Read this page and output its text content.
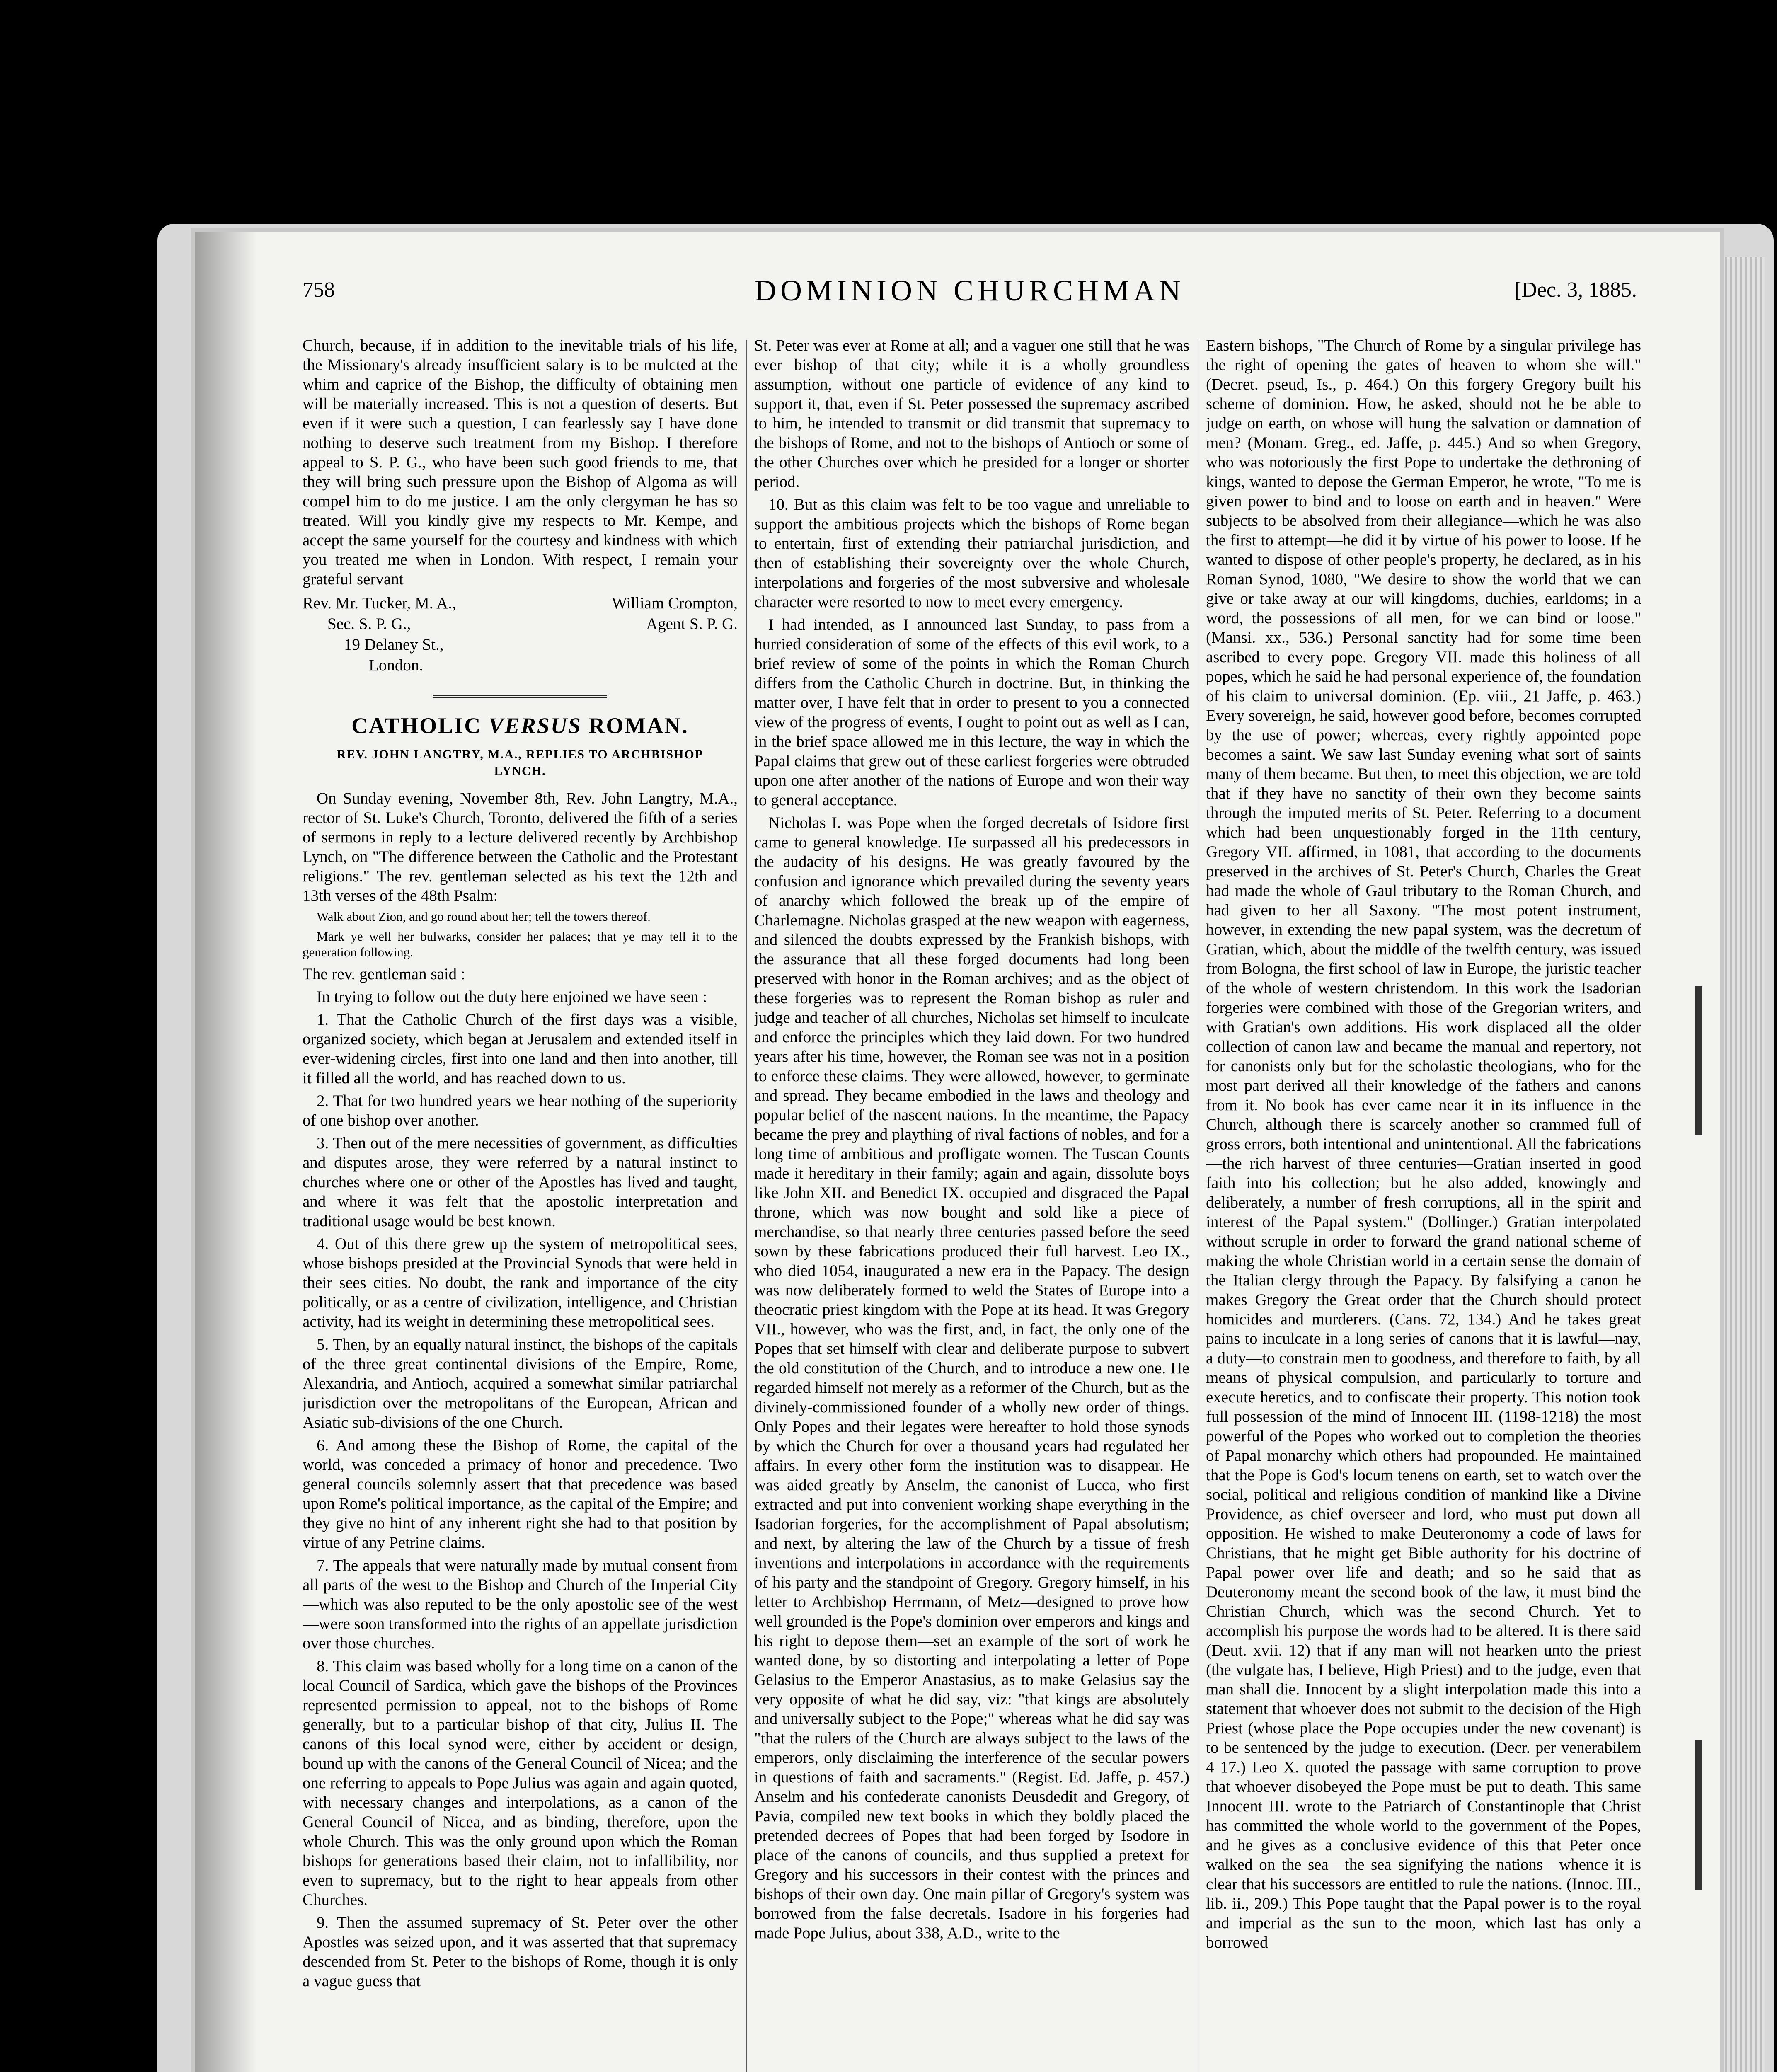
758	DOMINION CHURCHMAN	[Dec. 3, 1885.

Church, because, if in addition to the inevitable trials of his life, the Missionary's already insufficient salary is to be mulcted at the whim and caprice of the Bishop, the difficulty of obtaining men will be materially increased. This is not a question of deserts. But even if it were such a question, I can fearlessly say I have done nothing to deserve such treatment from my Bishop. I therefore appeal to S. P. G., who have been such good friends to me, that they will bring such pressure upon the Bishop of Algoma as will compel him to do me justice. I am the only clergyman he has so treated. Will you kindly give my respects to Mr. Kempe, and accept the same yourself for the courtesy and kindness with which you treated me when in London. With respect, I remain your grateful servant

Rev. Mr. Tucker, M. A.,	William Crompton,
Sec. S. P. G.,	Agent S. P. G.
19 Delaney St.,
London.
CATHOLIC VERSUS ROMAN.
REV. JOHN LANGTRY, M.A., REPLIES TO ARCHBISHOP LYNCH.

On Sunday evening, November 8th, Rev. John Langtry, M.A., rector of St. Luke's Church, Toronto, delivered the fifth of a series of sermons in reply to a lecture delivered recently by Archbishop Lynch, on "The difference between the Catholic and the Protestant religions." The rev. gentleman selected as his text the 12th and 13th verses of the 48th Psalm:

Walk about Zion, and go round about her; tell the towers thereof.
Mark ye well her bulwarks, consider her palaces; that ye may tell it to the generation following.

The rev. gentleman said :

In trying to follow out the duty here enjoined we have seen :

1. That the Catholic Church of the first days was a visible, organized society, which began at Jerusalem and extended itself in ever-widening circles, first into one land and then into another, till it filled all the world, and has reached down to us.

2. That for two hundred years we hear nothing of the superiority of one bishop over another.

3. Then out of the mere necessities of government, as difficulties and disputes arose, they were referred by a natural instinct to churches where one or other of the Apostles has lived and taught, and where it was felt that the apostolic interpretation and traditional usage would be best known.

4. Out of this there grew up the system of metropolitical sees, whose bishops presided at the Provincial Synods that were held in their sees cities. No doubt, the rank and importance of the city politically, or as a centre of civilization, intelligence, and Christian activity, had its weight in determining these metropolitical sees.

5. Then, by an equally natural instinct, the bishops of the capitals of the three great continental divisions of the Empire, Rome, Alexandria, and Antioch, acquired a somewhat similar patriarchal jurisdiction over the metropolitans of the European, African and Asiatic sub-divisions of the one Church.

6. And among these the Bishop of Rome, the capital of the world, was conceded a primacy of honor and precedence. Two general councils solemnly assert that that precedence was based upon Rome's political importance, as the capital of the Empire; and they give no hint of any inherent right she had to that position by virtue of any Petrine claims.

7. The appeals that were naturally made by mutual consent from all parts of the west to the Bishop and Church of the Imperial City—which was also reputed to be the only apostolic see of the west—were soon transformed into the rights of an appellate jurisdiction over those churches.

8. This claim was based wholly for a long time on a canon of the local Council of Sardica, which gave the bishops of the Provinces represented permission to appeal, not to the bishops of Rome generally, but to a particular bishop of that city, Julius II. The canons of this local synod were, either by accident or design, bound up with the canons of the General Council of Nicea; and the one referring to appeals to Pope Julius was again and again quoted, with necessary changes and interpolations, as a canon of the General Council of Nicea, and as binding, therefore, upon the whole Church. This was the only ground upon which the Roman bishops for generations based their claim, not to infallibility, nor even to supremacy, but to the right to hear appeals from other Churches.

9. Then the assumed supremacy of St. Peter over the other Apostles was seized upon, and it was asserted that that supremacy descended from St. Peter to the bishops of Rome, though it is only a vague guess that

St. Peter was ever at Rome at all; and a vaguer one still that he was ever bishop of that city; while it is a wholly groundless assumption, without one particle of evidence of any kind to support it, that, even if St. Peter possessed the supremacy ascribed to him, he intended to transmit or did transmit that supremacy to the bishops of Rome, and not to the bishops of Antioch or some of the other Churches over which he presided for a longer or shorter period.

10. But as this claim was felt to be too vague and unreliable to support the ambitious projects which the bishops of Rome began to entertain, first of extending their patriarchal jurisdiction, and then of establishing their sovereignty over the whole Church, interpolations and forgeries of the most subversive and wholesale character were resorted to now to meet every emergency.

I had intended, as I announced last Sunday, to pass from a hurried consideration of some of the effects of this evil work, to a brief review of some of the points in which the Roman Church differs from the Catholic Church in doctrine. But, in thinking the matter over, I have felt that in order to present to you a connected view of the progress of events, I ought to point out as well as I can, in the brief space allowed me in this lecture, the way in which the Papal claims that grew out of these earliest forgeries were obtruded upon one after another of the nations of Europe and won their way to general acceptance.

Nicholas I. was Pope when the forged decretals of Isidore first came to general knowledge. He surpassed all his predecessors in the audacity of his designs. He was greatly favoured by the confusion and ignorance which prevailed during the seventy years of anarchy which followed the break up of the empire of Charlemagne. Nicholas grasped at the new weapon with eagerness, and silenced the doubts expressed by the Frankish bishops, with the assurance that all these forged documents had long been preserved with honor in the Roman archives; and as the object of these forgeries was to represent the Roman bishop as ruler and judge and teacher of all churches, Nicholas set himself to inculcate and enforce the principles which they laid down. For two hundred years after his time, however, the Roman see was not in a position to enforce these claims. They were allowed, however, to germinate and spread. They became embodied in the laws and theology and popular belief of the nascent nations. In the meantime, the Papacy became the prey and plaything of rival factions of nobles, and for a long time of ambitious and profligate women. The Tuscan Counts made it hereditary in their family; again and again, dissolute boys like John XII. and Benedict IX. occupied and disgraced the Papal throne, which was now bought and sold like a piece of merchandise, so that nearly three centuries passed before the seed sown by these fabrications produced their full harvest. Leo IX., who died 1054, inaugurated a new era in the Papacy. The design was now deliberately formed to weld the States of Europe into a theocratic priest kingdom with the Pope at its head. It was Gregory VII., however, who was the first, and, in fact, the only one of the Popes that set himself with clear and deliberate purpose to subvert the old constitution of the Church, and to introduce a new one. He regarded himself not merely as a reformer of the Church, but as the divinely-commissioned founder of a wholly new order of things. Only Popes and their legates were hereafter to hold those synods by which the Church for over a thousand years had regulated her affairs. In every other form the institution was to disappear. He was aided greatly by Anselm, the canonist of Lucca, who first extracted and put into convenient working shape everything in the Isadorian forgeries, for the accomplishment of Papal absolutism; and next, by altering the law of the Church by a tissue of fresh inventions and interpolations in accordance with the requirements of his party and the standpoint of Gregory. Gregory himself, in his letter to Archbishop Herrmann, of Metz—designed to prove how well grounded is the Pope's dominion over emperors and kings and his right to depose them—set an example of the sort of work he wanted done, by so distorting and interpolating a letter of Pope Gelasius to the Emperor Anastasius, as to make Gelasius say the very opposite of what he did say, viz: "that kings are absolutely and universally subject to the Pope;" whereas what he did say was "that the rulers of the Church are always subject to the laws of the emperors, only disclaiming the interference of the secular powers in questions of faith and sacraments." (Regist. Ed. Jaffe, p. 457.) Anselm and his confederate canonists Deusdedit and Gregory, of Pavia, compiled new text books in which they boldly placed the pretended decrees of Popes that had been forged by Isodore in place of the canons of councils, and thus supplied a pretext for Gregory and his successors in their contest with the princes and bishops of their own day. One main pillar of Gregory's system was borrowed from the false decretals. Isadore in his forgeries had made Pope Julius, about 338, A.D., write to the

Eastern bishops, "The Church of Rome by a singular privilege has the right of opening the gates of heaven to whom she will." (Decret. pseud, Is., p. 464.) On this forgery Gregory built his scheme of dominion. How, he asked, should not he be able to judge on earth, on whose will hung the salvation or damnation of men? (Monam. Greg., ed. Jaffe, p. 445.) And so when Gregory, who was notoriously the first Pope to undertake the dethroning of kings, wanted to depose the German Emperor, he wrote, "To me is given power to bind and to loose on earth and in heaven." Were subjects to be absolved from their allegiance—which he was also the first to attempt—he did it by virtue of his power to loose. If he wanted to dispose of other people's property, he declared, as in his Roman Synod, 1080, "We desire to show the world that we can give or take away at our will kingdoms, duchies, earldoms; in a word, the possessions of all men, for we can bind or loose." (Mansi. xx., 536.) Personal sanctity had for some time been ascribed to every pope. Gregory VII. made this holiness of all popes, which he said he had personal experience of, the foundation of his claim to universal dominion. (Ep. viii., 21 Jaffe, p. 463.) Every sovereign, he said, however good before, becomes corrupted by the use of power; whereas, every rightly appointed pope becomes a saint. We saw last Sunday evening what sort of saints many of them became. But then, to meet this objection, we are told that if they have no sanctity of their own they become saints through the imputed merits of St. Peter. Referring to a document which had been unquestionably forged in the 11th century, Gregory VII. affirmed, in 1081, that according to the documents preserved in the archives of St. Peter's Church, Charles the Great had made the whole of Gaul tributary to the Roman Church, and had given to her all Saxony. "The most potent instrument, however, in extending the new papal system, was the decretum of Gratian, which, about the middle of the twelfth century, was issued from Bologna, the first school of law in Europe, the juristic teacher of the whole of western christendom. In this work the Isadorian forgeries were combined with those of the Gregorian writers, and with Gratian's own additions. His work displaced all the older collection of canon law and became the manual and repertory, not for canonists only but for the scholastic theologians, who for the most part derived all their knowledge of the fathers and canons from it. No book has ever came near it in its influence in the Church, although there is scarcely another so crammed full of gross errors, both intentional and unintentional. All the fabrications—the rich harvest of three centuries—Gratian inserted in good faith into his collection; but he also added, knowingly and deliberately, a number of fresh corruptions, all in the spirit and interest of the Papal system." (Dollinger.) Gratian interpolated without scruple in order to forward the grand national scheme of making the whole Christian world in a certain sense the domain of the Italian clergy through the Papacy. By falsifying a canon he makes Gregory the Great order that the Church should protect homicides and murderers. (Cans. 72, 134.) And he takes great pains to inculcate in a long series of canons that it is lawful—nay, a duty—to constrain men to goodness, and therefore to faith, by all means of physical compulsion, and particularly to torture and execute heretics, and to confiscate their property. This notion took full possession of the mind of Innocent III. (1198-1218) the most powerful of the Popes who worked out to completion the theories of Papal monarchy which others had propounded. He maintained that the Pope is God's locum tenens on earth, set to watch over the social, political and religious condition of mankind like a Divine Providence, as chief overseer and lord, who must put down all opposition. He wished to make Deuteronomy a code of laws for Christians, that he might get Bible authority for his doctrine of Papal power over life and death; and so he said that as Deuteronomy meant the second book of the law, it must bind the Christian Church, which was the second Church. Yet to accomplish his purpose the words had to be altered. It is there said (Deut. xvii. 12) that if any man will not hearken unto the priest (the vulgate has, I believe, High Priest) and to the judge, even that man shall die. Innocent by a slight interpolation made this into a statement that whoever does not submit to the decision of the High Priest (whose place the Pope occupies under the new covenant) is to be sentenced by the judge to execution. (Decr. per venerabilem 4 17.) Leo X. quoted the passage with same corruption to prove that whoever disobeyed the Pope must be put to death. This same Innocent III. wrote to the Patriarch of Constantinople that Christ has committed the whole world to the government of the Popes, and he gives as a conclusive evidence of this that Peter once walked on the sea—the sea signifying the nations—whence it is clear that his successors are entitled to rule the nations. (Innoc. III., lib. ii., 209.) This Pope taught that the Papal power is to the royal and imperial as the sun to the moon, which last has only a borrowed
